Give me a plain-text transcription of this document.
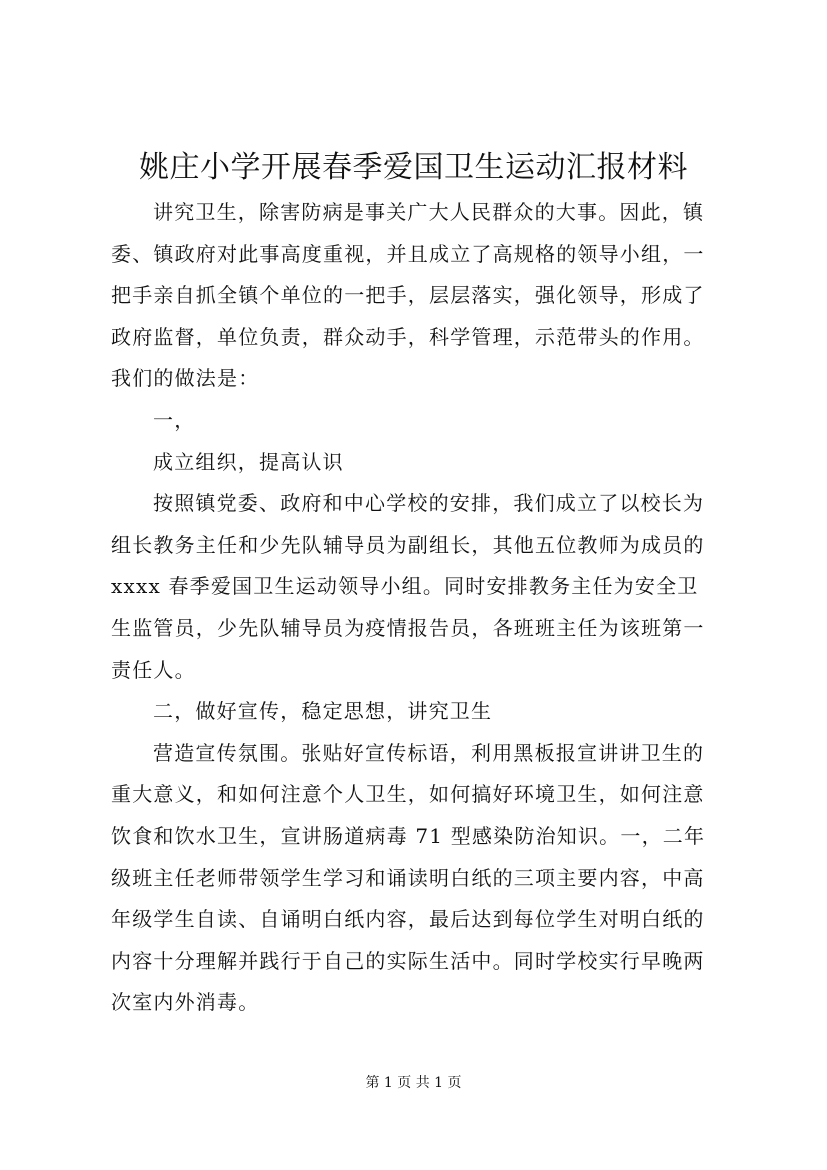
姚庄小学开展春季爱国卫生运动汇报材料
讲究卫生，除害防病是事关广大人民群众的大事。因此，镇
委、镇政府对此事高度重视，并且成立了高规格的领导小组，一
把手亲自抓全镇个单位的一把手，层层落实，强化领导，形成了
政府监督，单位负责，群众动手，科学管理，示范带头的作用。
我们的做法是：
一，
成立组织，提高认识
按照镇党委、政府和中心学校的安排，我们成立了以校长为
组长教务主任和少先队辅导员为副组长，其他五位教师为成员的
xxxx 春季爱国卫生运动领导小组。同时安排教务主任为安全卫
生监管员，少先队辅导员为疫情报告员，各班班主任为该班第一
责任人。
二，做好宣传，稳定思想，讲究卫生
营造宣传氛围。张贴好宣传标语，利用黑板报宣讲讲卫生的
重大意义，和如何注意个人卫生，如何搞好环境卫生，如何注意
饮食和饮水卫生，宣讲肠道病毒 71 型感染防治知识。一，二年
级班主任老师带领学生学习和诵读明白纸的三项主要内容，中高
年级学生自读、自诵明白纸内容，最后达到每位学生对明白纸的
内容十分理解并践行于自己的实际生活中。同时学校实行早晚两
次室内外消毒。
第 1 页 共 1 页
